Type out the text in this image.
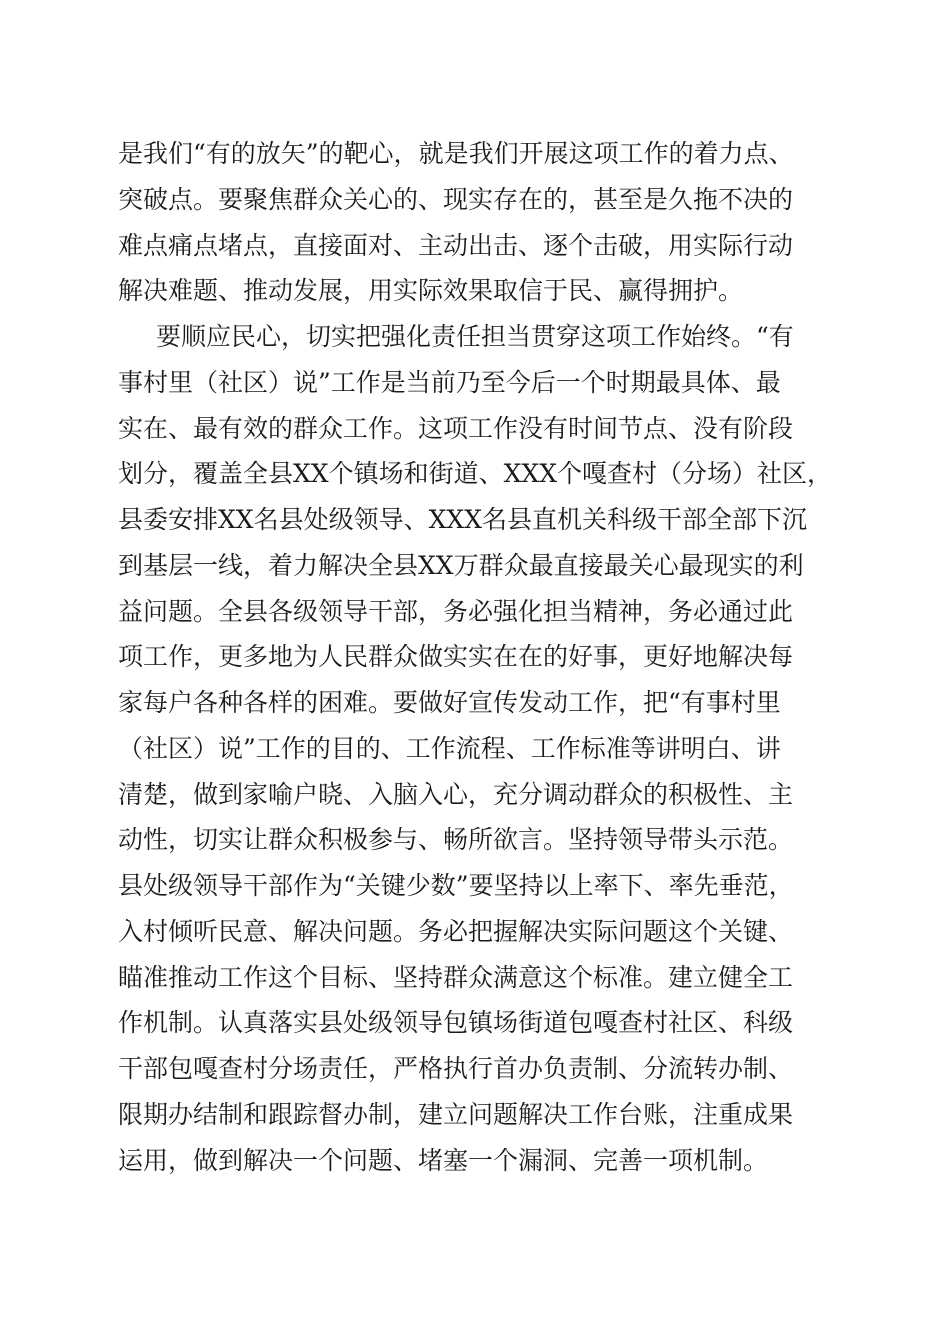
是我们“有的放矢”的靶心，就是我们开展这项工作的着力点、
突破点。要聚焦群众关心的、现实存在的，甚至是久拖不决的
难点痛点堵点，直接面对、主动出击、逐个击破，用实际行动
解决难题、推动发展，用实际效果取信于民、赢得拥护。
要顺应民心，切实把强化责任担当贯穿这项工作始终。“有
事村里（社区）说”工作是当前乃至今后一个时期最具体、最
实在、最有效的群众工作。这项工作没有时间节点、没有阶段
划分，覆盖全县XX个镇场和街道、XXX个嘎查村（分场）社区，
县委安排XX名县处级领导、XXX名县直机关科级干部全部下沉
到基层一线，着力解决全县XX万群众最直接最关心最现实的利
益问题。全县各级领导干部，务必强化担当精神，务必通过此
项工作，更多地为人民群众做实实在在的好事，更好地解决每
家每户各种各样的困难。要做好宣传发动工作，把“有事村里
（社区）说”工作的目的、工作流程、工作标准等讲明白、讲
清楚，做到家喻户晓、入脑入心，充分调动群众的积极性、主
动性，切实让群众积极参与、畅所欲言。坚持领导带头示范。
县处级领导干部作为“关键少数”要坚持以上率下、率先垂范，
入村倾听民意、解决问题。务必把握解决实际问题这个关键、
瞄准推动工作这个目标、坚持群众满意这个标准。建立健全工
作机制。认真落实县处级领导包镇场街道包嘎查村社区、科级
干部包嘎查村分场责任，严格执行首办负责制、分流转办制、
限期办结制和跟踪督办制，建立问题解决工作台账，注重成果
运用，做到解决一个问题、堵塞一个漏洞、完善一项机制。
